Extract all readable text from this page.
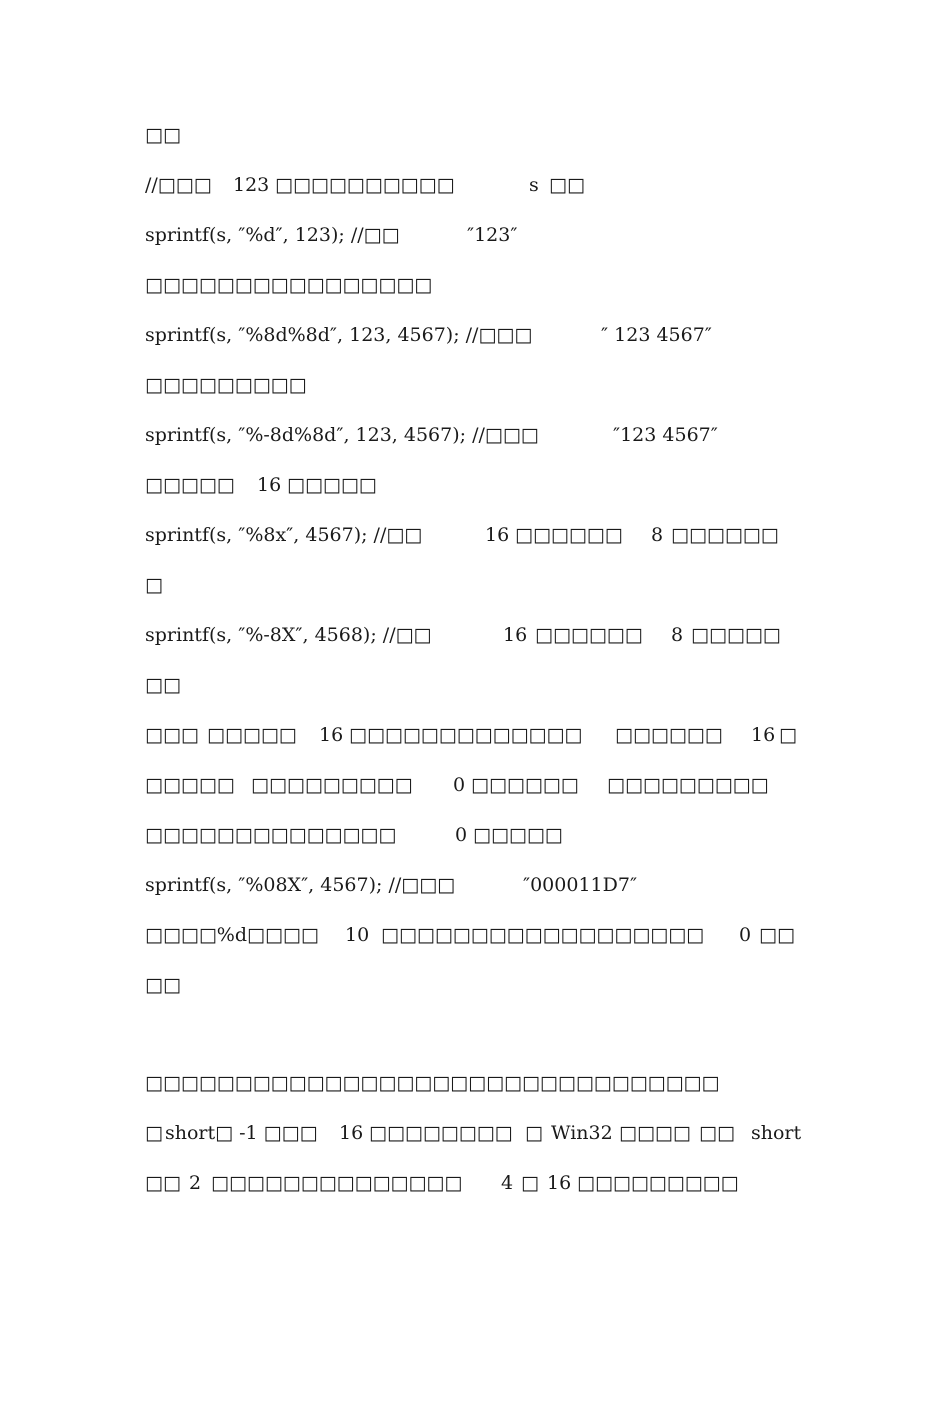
□□

//□□□

123

□□□□□□□□□□

	s

□□

sprintf(s, ″%d″, 123); //□□

	″123″

□□□□□□□□□□□□□□□□

sprintf(s, ″%8d%8d″, 123, 4567); //□□□

	″ 123 4567″

□□□□□□□□□

sprintf(s, ″%-8d%8d″, 123, 4567); //□□□

	″123 4567″

□□□□□

16

□□□□□

sprintf(s, ″%8x″, 4567); //□□

	16

□□□□□□

8

□□□□□□

□

sprintf(s, ″%-8X″, 4568); //□□

	16

□□□□□□

8

□□□□□

□□

□□□

□□□□□

16

□□□□□□□□□□□□□

□□□□□□

16

□

□□□□□

□□□□□□□□□

0

□□□□□□

□□□□□□□□□

□□□□□□□□□□□□□□

	0

□□□□□

sprintf(s, ″%08X″, 4567); //□□□

	″000011D7″

□□□□%d□□□□

10

□□□□□□□□□□□□□□□□□□

0

□□

□□

□□□□□□□□□□□□□□□□□□□□□□□□□□□□□□□□

□

short□ -1 □□□

16

□□□□□□□□

□

Win32

□□□□

□□

short

□□

2

□□□□□□□□□□□□□□

4

□

16

□□□□□□□□□
